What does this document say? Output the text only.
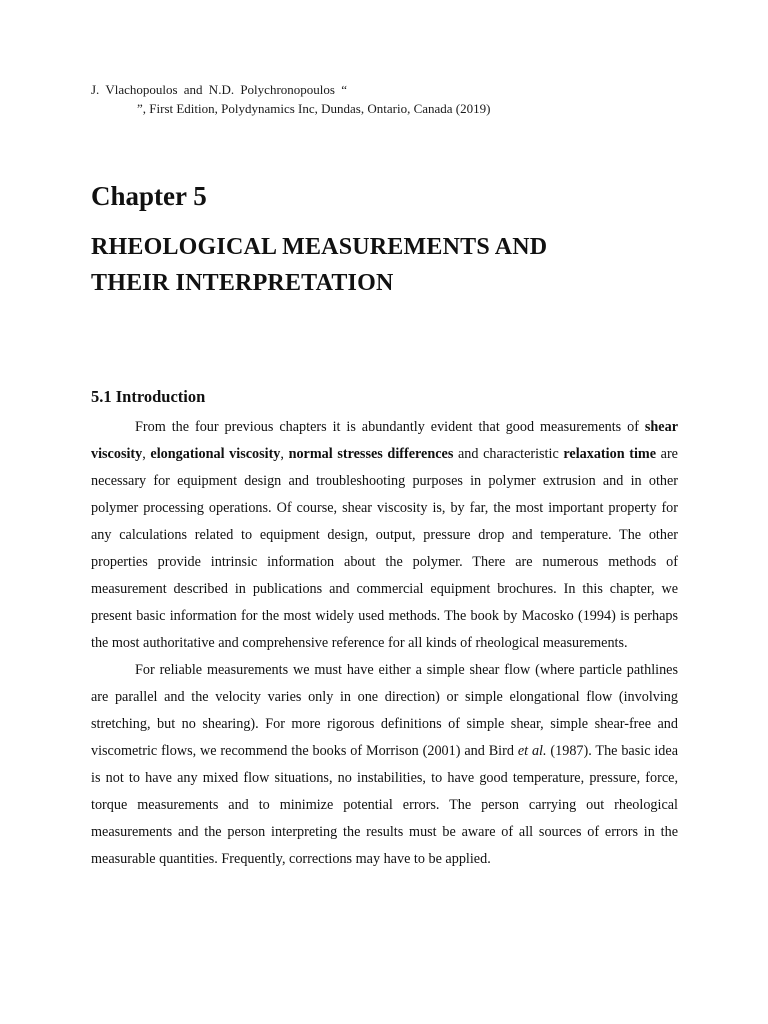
J. Vlachopoulos and N.D. Polychronopoulos “
”, First Edition, Polydynamics Inc, Dundas, Ontario, Canada (2019)
Chapter 5
RHEOLOGICAL MEASUREMENTS AND
THEIR INTERPRETATION
5.1 Introduction

From the four previous chapters it is abundantly evident that good measurements of shear viscosity, elongational viscosity, normal stresses differences and characteristic relaxation time are necessary for equipment design and troubleshooting purposes in polymer extrusion and in other polymer processing operations. Of course, shear viscosity is, by far, the most important property for any calculations related to equipment design, output, pressure drop and temperature. The other properties provide intrinsic information about the polymer. There are numerous methods of measurement described in publications and commercial equipment brochures. In this chapter, we present basic information for the most widely used methods. The book by Macosko (1994) is perhaps the most authoritative and comprehensive reference for all kinds of rheological measurements.

For reliable measurements we must have either a simple shear flow (where particle pathlines are parallel and the velocity varies only in one direction) or simple elongational flow (involving stretching, but no shearing). For more rigorous definitions of simple shear, simple shear-free and viscometric flows, we recommend the books of Morrison (2001) and Bird et al. (1987). The basic idea is not to have any mixed flow situations, no instabilities, to have good temperature, pressure, force, torque measurements and to minimize potential errors. The person carrying out rheological measurements and the person interpreting the results must be aware of all sources of errors in the measurable quantities. Frequently, corrections may have to be applied.
